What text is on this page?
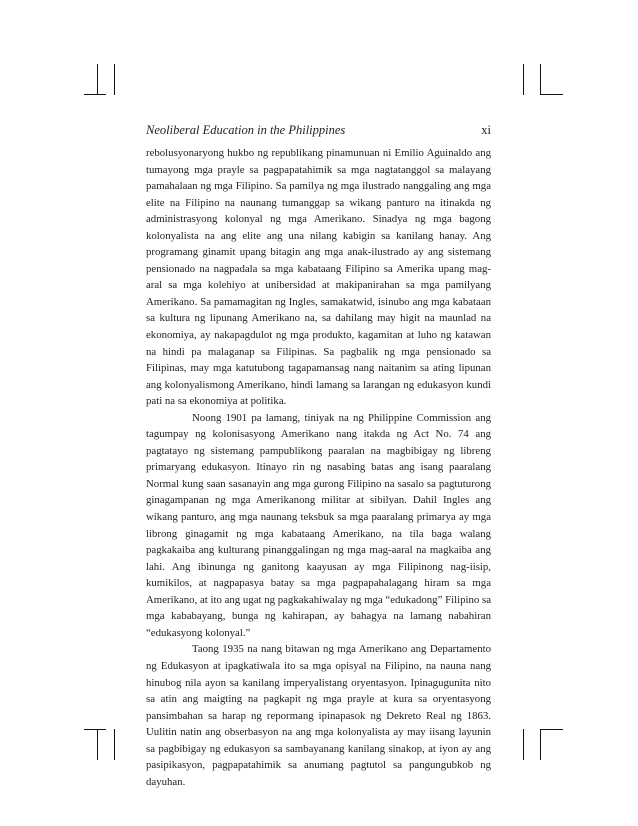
Neoliberal Education in the Philippines	xi

rebolusyonaryong hukbo ng republikang pinamunuan ni Emilio Aguinaldo ang tumayong mga prayle sa pagpapatahimik sa mga nagtatanggol sa malayang pamahalaan ng mga Filipino. Sa pamilya ng mga ilustrado nanggaling ang mga elite na Filipino na naunang tumanggap sa wikang panturo na itinakda ng administrasyong kolonyal ng mga Amerikano. Sinadya ng mga bagong kolonyalista na ang elite ang una nilang kabigin sa kanilang hanay. Ang programang ginamit upang bitagin ang mga anak-ilustrado ay ang sistemang pensionado na nagpadala sa mga kabataang Filipino sa Amerika upang mag-aral sa mga kolehiyo at unibersidad at makipanirahan sa mga pamilyang Amerikano. Sa pamamagitan ng Ingles, samakatwid, isinubo ang mga kabataan sa kultura ng lipunang Amerikano na, sa dahilang may higit na maunlad na ekonomiya, ay nakapagdulot ng mga produkto, kagamitan at luho ng katawan na hindi pa malaganap sa Filipinas. Sa pagbalik ng mga pensionado sa Filipinas, may mga katutubong tagapamansag nang naitanim sa ating lipunan ang kolonyalismong Amerikano, hindi lamang sa larangan ng edukasyon kundi pati na sa ekonomiya at politika.

Noong 1901 pa lamang, tiniyak na ng Philippine Commission ang tagumpay ng kolonisasyong Amerikano nang itakda ng Act No. 74 ang pagtatayo ng sistemang pampublikong paaralan na magbibigay ng libreng primaryang edukasyon. Itinayo rin ng nasabing batas ang isang paaralang Normal kung saan sasanayin ang mga gurong Filipino na sasalo sa pagtuturong ginagampanan ng mga Amerikanong militar at sibilyan. Dahil Ingles ang wikang panturo, ang mga naunang teksbuk sa mga paaralang primarya ay mga librong ginagamit ng mga kabataang Amerikano, na tila baga walang pagkakaiba ang kulturang pinanggalingan ng mga mag-aaral na magkaiba ang lahi. Ang ibinunga ng ganitong kaayusan ay mga Filipinong nag-iisip, kumikilos, at nagpapasya batay sa mga pagpapahalagang hiram sa mga Amerikano, at ito ang ugat ng pagkakahiwalay ng mga “edukadong” Filipino sa mga kababayang, bunga ng kahirapan, ay bahagya na lamang nabahiran “edukasyong kolonyal.”

Taong 1935 na nang bitawan ng mga Amerikano ang Departamento ng Edukasyon at ipagkatiwala ito sa mga opisyal na Filipino, na nauna nang hinubog nila ayon sa kanilang imperyalistang oryentasyon. Ipinagugunita nito sa atin ang maigting na pagkapit ng mga prayle at kura sa oryentasyong pansimbahan sa harap ng repormang ipinapasok ng Dekreto Real ng 1863. Uulitin natin ang obserbasyon na ang mga kolonyalista ay may iisang layunin sa pagbibigay ng edukasyon sa sambayanang kanilang sinakop, at iyon ay ang pasipikasyon, pagpapatahimik sa anumang pagtutol sa pangungubkob ng dayuhan.
